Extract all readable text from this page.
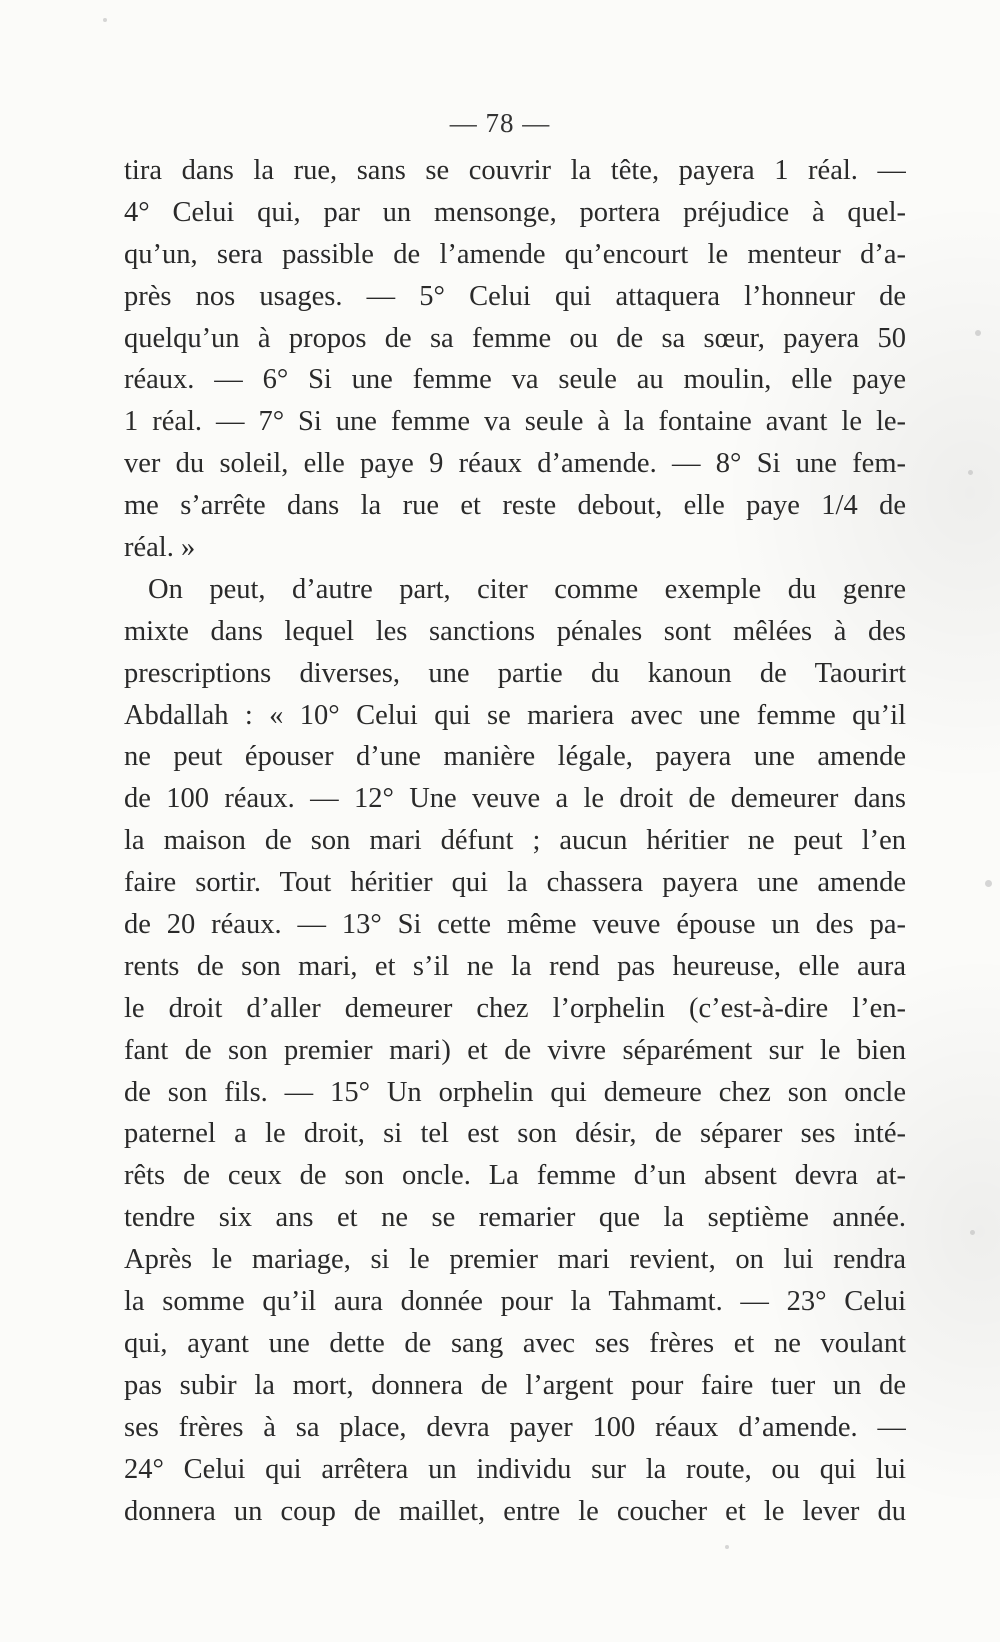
— 78 —
tira dans la rue, sans se couvrir la tête, payera 1 réal. —
4° Celui qui, par un mensonge, portera préjudice à quel-
qu’un, sera passible de l’amende qu’encourt le menteur d’a-
près nos usages. — 5° Celui qui attaquera l’honneur de
quelqu’un à propos de sa femme ou de sa sœur, payera 50
réaux. — 6° Si une femme va seule au moulin, elle paye
1 réal. — 7° Si une femme va seule à la fontaine avant le le-
ver du soleil, elle paye 9 réaux d’amende. — 8° Si une fem-
me s’arrête dans la rue et reste debout, elle paye 1/4 de
réal. »
On peut, d’autre part, citer comme exemple du genre
mixte dans lequel les sanctions pénales sont mêlées à des
prescriptions diverses, une partie du kanoun de Taourirt
Abdallah : « 10° Celui qui se mariera avec une femme qu’il
ne peut épouser d’une manière légale, payera une amende
de 100 réaux. — 12° Une veuve a le droit de demeurer dans
la maison de son mari défunt ; aucun héritier ne peut l’en
faire sortir. Tout héritier qui la chassera payera une amende
de 20 réaux. — 13° Si cette même veuve épouse un des pa-
rents de son mari, et s’il ne la rend pas heureuse, elle aura
le droit d’aller demeurer chez l’orphelin (c’est-à-dire l’en-
fant de son premier mari) et de vivre séparément sur le bien
de son fils. — 15° Un orphelin qui demeure chez son oncle
paternel a le droit, si tel est son désir, de séparer ses inté-
rêts de ceux de son oncle. La femme d’un absent devra at-
tendre six ans et ne se remarier que la septième année.
Après le mariage, si le premier mari revient, on lui rendra
la somme qu’il aura donnée pour la Tahmamt. — 23° Celui
qui, ayant une dette de sang avec ses frères et ne voulant
pas subir la mort, donnera de l’argent pour faire tuer un de
ses frères à sa place, devra payer 100 réaux d’amende. —
24° Celui qui arrêtera un individu sur la route, ou qui lui
donnera un coup de maillet, entre le coucher et le lever du
